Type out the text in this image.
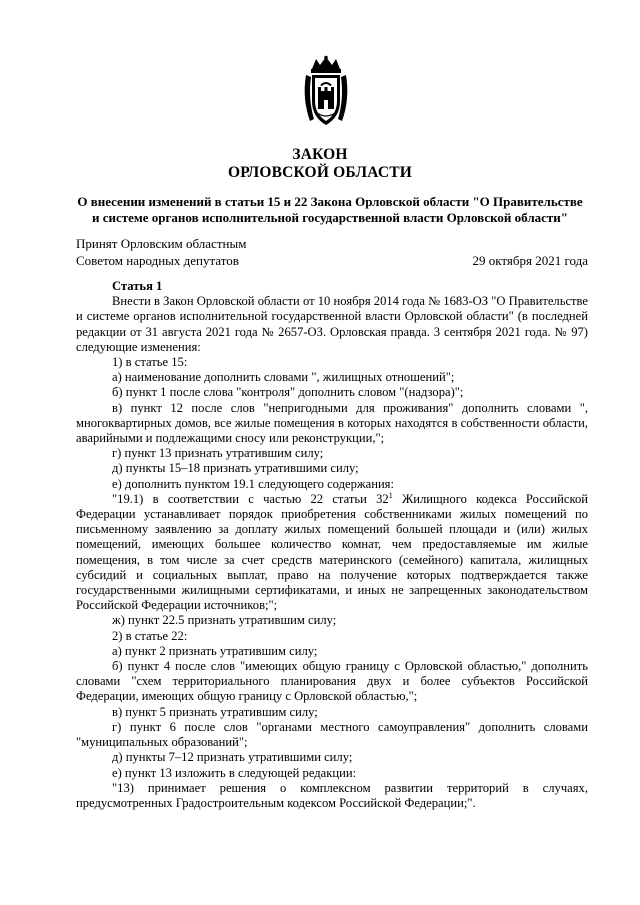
ЗАКОН
ОРЛОВСКОЙ ОБЛАСТИ
О внесении изменений в статьи 15 и 22 Закона Орловской области "О Правительстве
и системе органов исполнительной государственной власти Орловской области"
Принят Орловским областным
Советом народных депутатов	29 октября 2021 года

Статья 1

Внести в Закон Орловской области от 10 ноября 2014 года № 1683-ОЗ "О Правительстве и системе органов исполнительной государственной власти Орловской области" (в последней редакции от 31 августа 2021 года № 2657-ОЗ. Орловская правда. 3 сентября 2021 года. № 97) следующие изменения:

1) в статье 15:

а) наименование дополнить словами ", жилищных отношений";

б) пункт 1 после слова "контроля" дополнить словом "(надзора)";

в) пункт 12 после слов "непригодными для проживания" дополнить словами ", многоквартирных домов, все жилые помещения в которых находятся в собственности области, аварийными и подлежащими сносу или реконструкции,";

г) пункт 13 признать утратившим силу;

д) пункты 15–18 признать утратившими силу;

е) дополнить пунктом 19.1 следующего содержания:

"19.1) в соответствии с частью 22 статьи $32^1$ Жилищного кодекса Российской Федерации устанавливает порядок приобретения собственниками жилых помещений по письменному заявлению за доплату жилых помещений большей площади и (или) жилых помещений, имеющих большее количество комнат, чем предоставляемые им жилые помещения, в том числе за счет средств материнского (семейного) капитала, жилищных субсидий и социальных выплат, право на получение которых подтверждается также государственными жилищными сертификатами, и иных не запрещенных законодательством Российской Федерации источников;";

ж) пункт 22.5 признать утратившим силу;

2) в статье 22:

а) пункт 2 признать утратившим силу;

б) пункт 4 после слов "имеющих общую границу с Орловской областью," дополнить словами "схем территориального планирования двух и более субъектов Российской Федерации, имеющих общую границу с Орловской областью,";

в) пункт 5 признать утратившим силу;

г) пункт 6 после слов "органами местного самоуправления" дополнить словами "муниципальных образований";

д) пункты 7–12 признать утратившими силу;

е) пункт 13 изложить в следующей редакции:

"13) принимает решения о комплексном развитии территорий в случаях, предусмотренных Градостроительным кодексом Российской Федерации;".
